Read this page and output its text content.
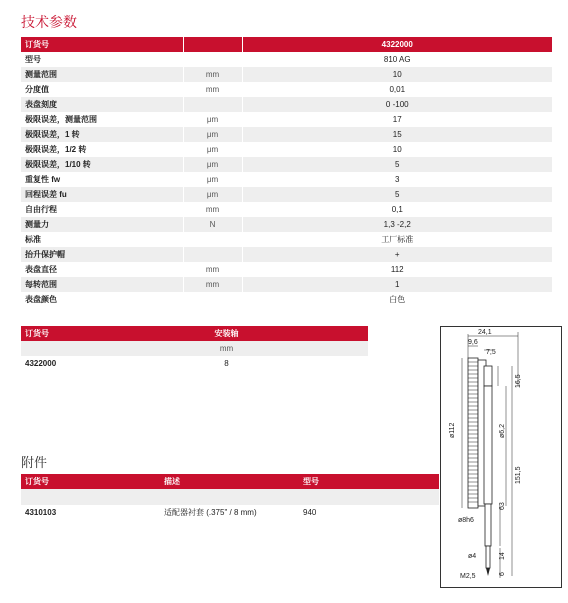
技术参数
订货号		4322000
型号		810 AG
测量范围	mm	10
分度值	mm	0,01
表盘刻度		0 -100
极限误差，测量范围	μm	17
极限误差，1 转	μm	15
极限误差，1/2 转	μm	10
极限误差，1/10 转	μm	5
重复性 fw	μm	3
回程误差 fu	μm	5
自由行程	mm	0,1
测量力	N	1,3 -2,2
标准		工厂标准
抬升保护帽		+
表盘直径	mm	112
每转范围	mm	1
表盘颜色		白色
订货号	安装轴
	mm
4322000	8
附件
订货号	描述	型号

4310103	适配器衬套 (.375" / 8 mm)	940
24,1
9,6
7,5
16,5
ø112	ø6,2
151,5
63
ø8h6
ø4	14
6
M2,5
